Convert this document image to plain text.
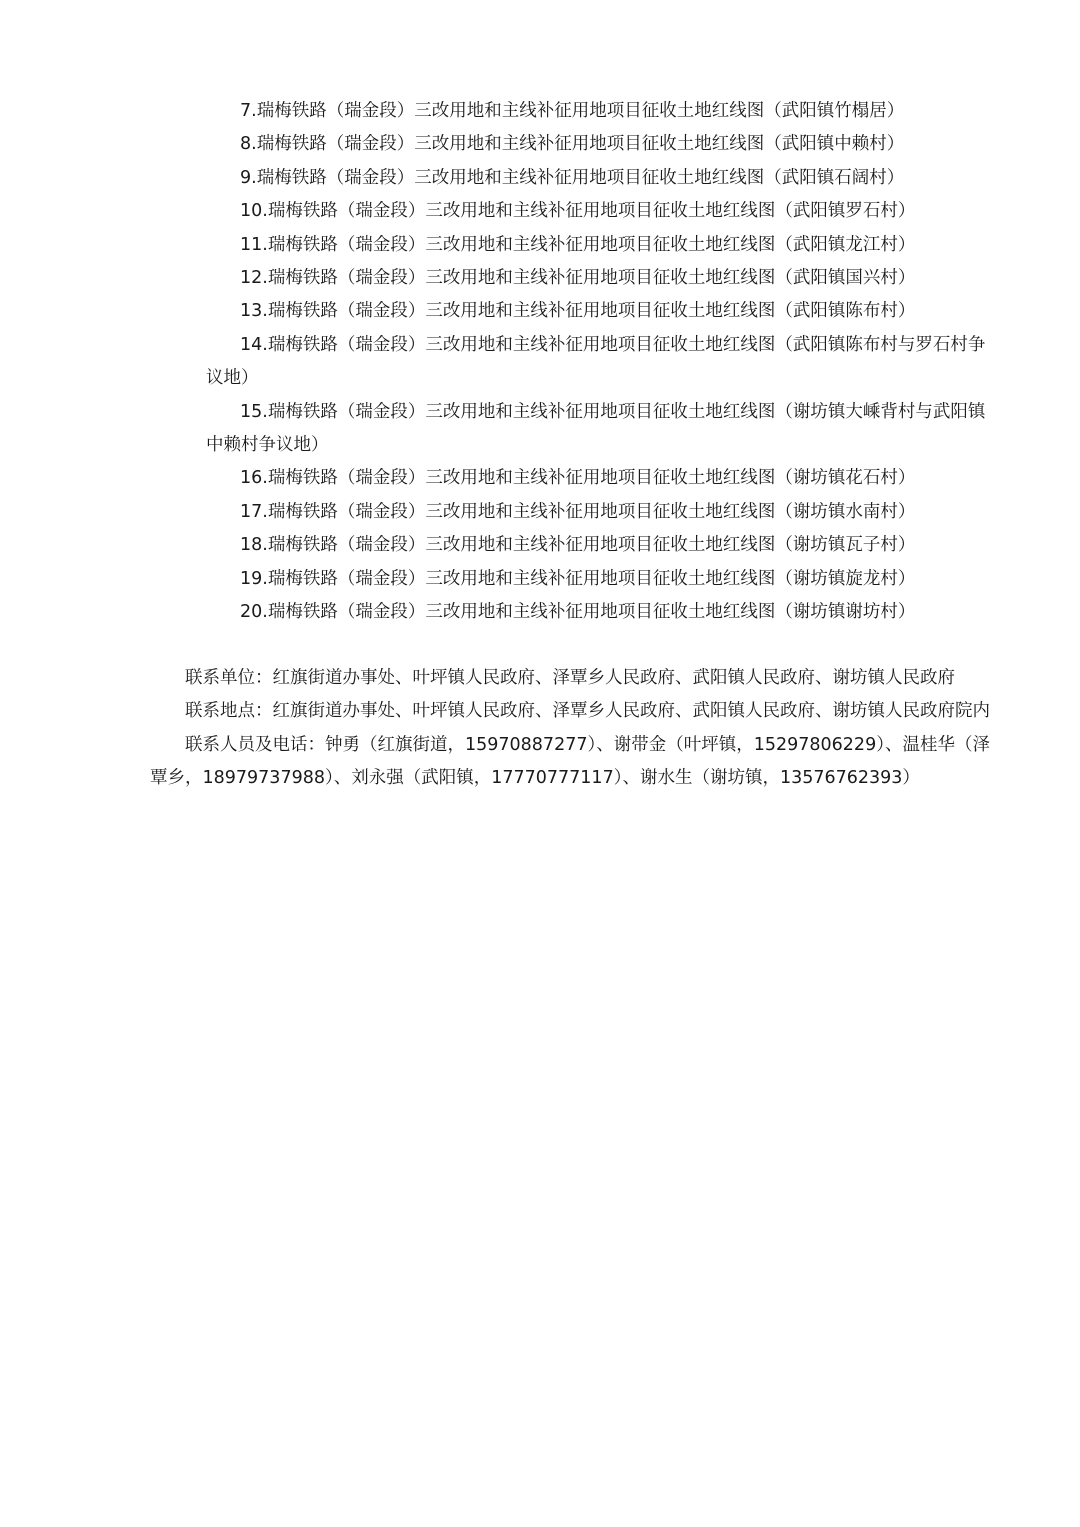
7.瑞梅铁路（瑞金段）三改用地和主线补征用地项目征收土地红线图（武阳镇竹榻居）
8.瑞梅铁路（瑞金段）三改用地和主线补征用地项目征收土地红线图（武阳镇中赖村）
9.瑞梅铁路（瑞金段）三改用地和主线补征用地项目征收土地红线图（武阳镇石阔村）
10.瑞梅铁路（瑞金段）三改用地和主线补征用地项目征收土地红线图（武阳镇罗石村）
11.瑞梅铁路（瑞金段）三改用地和主线补征用地项目征收土地红线图（武阳镇龙江村）
12.瑞梅铁路（瑞金段）三改用地和主线补征用地项目征收土地红线图（武阳镇国兴村）
13.瑞梅铁路（瑞金段）三改用地和主线补征用地项目征收土地红线图（武阳镇陈布村）
14.瑞梅铁路（瑞金段）三改用地和主线补征用地项目征收土地红线图（武阳镇陈布村与罗石村争议地）
15.瑞梅铁路（瑞金段）三改用地和主线补征用地项目征收土地红线图（谢坊镇大嵊背村与武阳镇中赖村争议地）
16.瑞梅铁路（瑞金段）三改用地和主线补征用地项目征收土地红线图（谢坊镇花石村）
17.瑞梅铁路（瑞金段）三改用地和主线补征用地项目征收土地红线图（谢坊镇水南村）
18.瑞梅铁路（瑞金段）三改用地和主线补征用地项目征收土地红线图（谢坊镇瓦子村）
19.瑞梅铁路（瑞金段）三改用地和主线补征用地项目征收土地红线图（谢坊镇旋龙村）
20.瑞梅铁路（瑞金段）三改用地和主线补征用地项目征收土地红线图（谢坊镇谢坊村）

联系单位：红旗街道办事处、叶坪镇人民政府、泽覃乡人民政府、武阳镇人民政府、谢坊镇人民政府

联系地点：红旗街道办事处、叶坪镇人民政府、泽覃乡人民政府、武阳镇人民政府、谢坊镇人民政府院内

联系人员及电话：钟勇（红旗街道，15970887277）、谢带金（叶坪镇，15297806229）、温桂华（泽覃乡，18979737988）、刘永强（武阳镇，17770777117）、谢水生（谢坊镇，13576762393）
